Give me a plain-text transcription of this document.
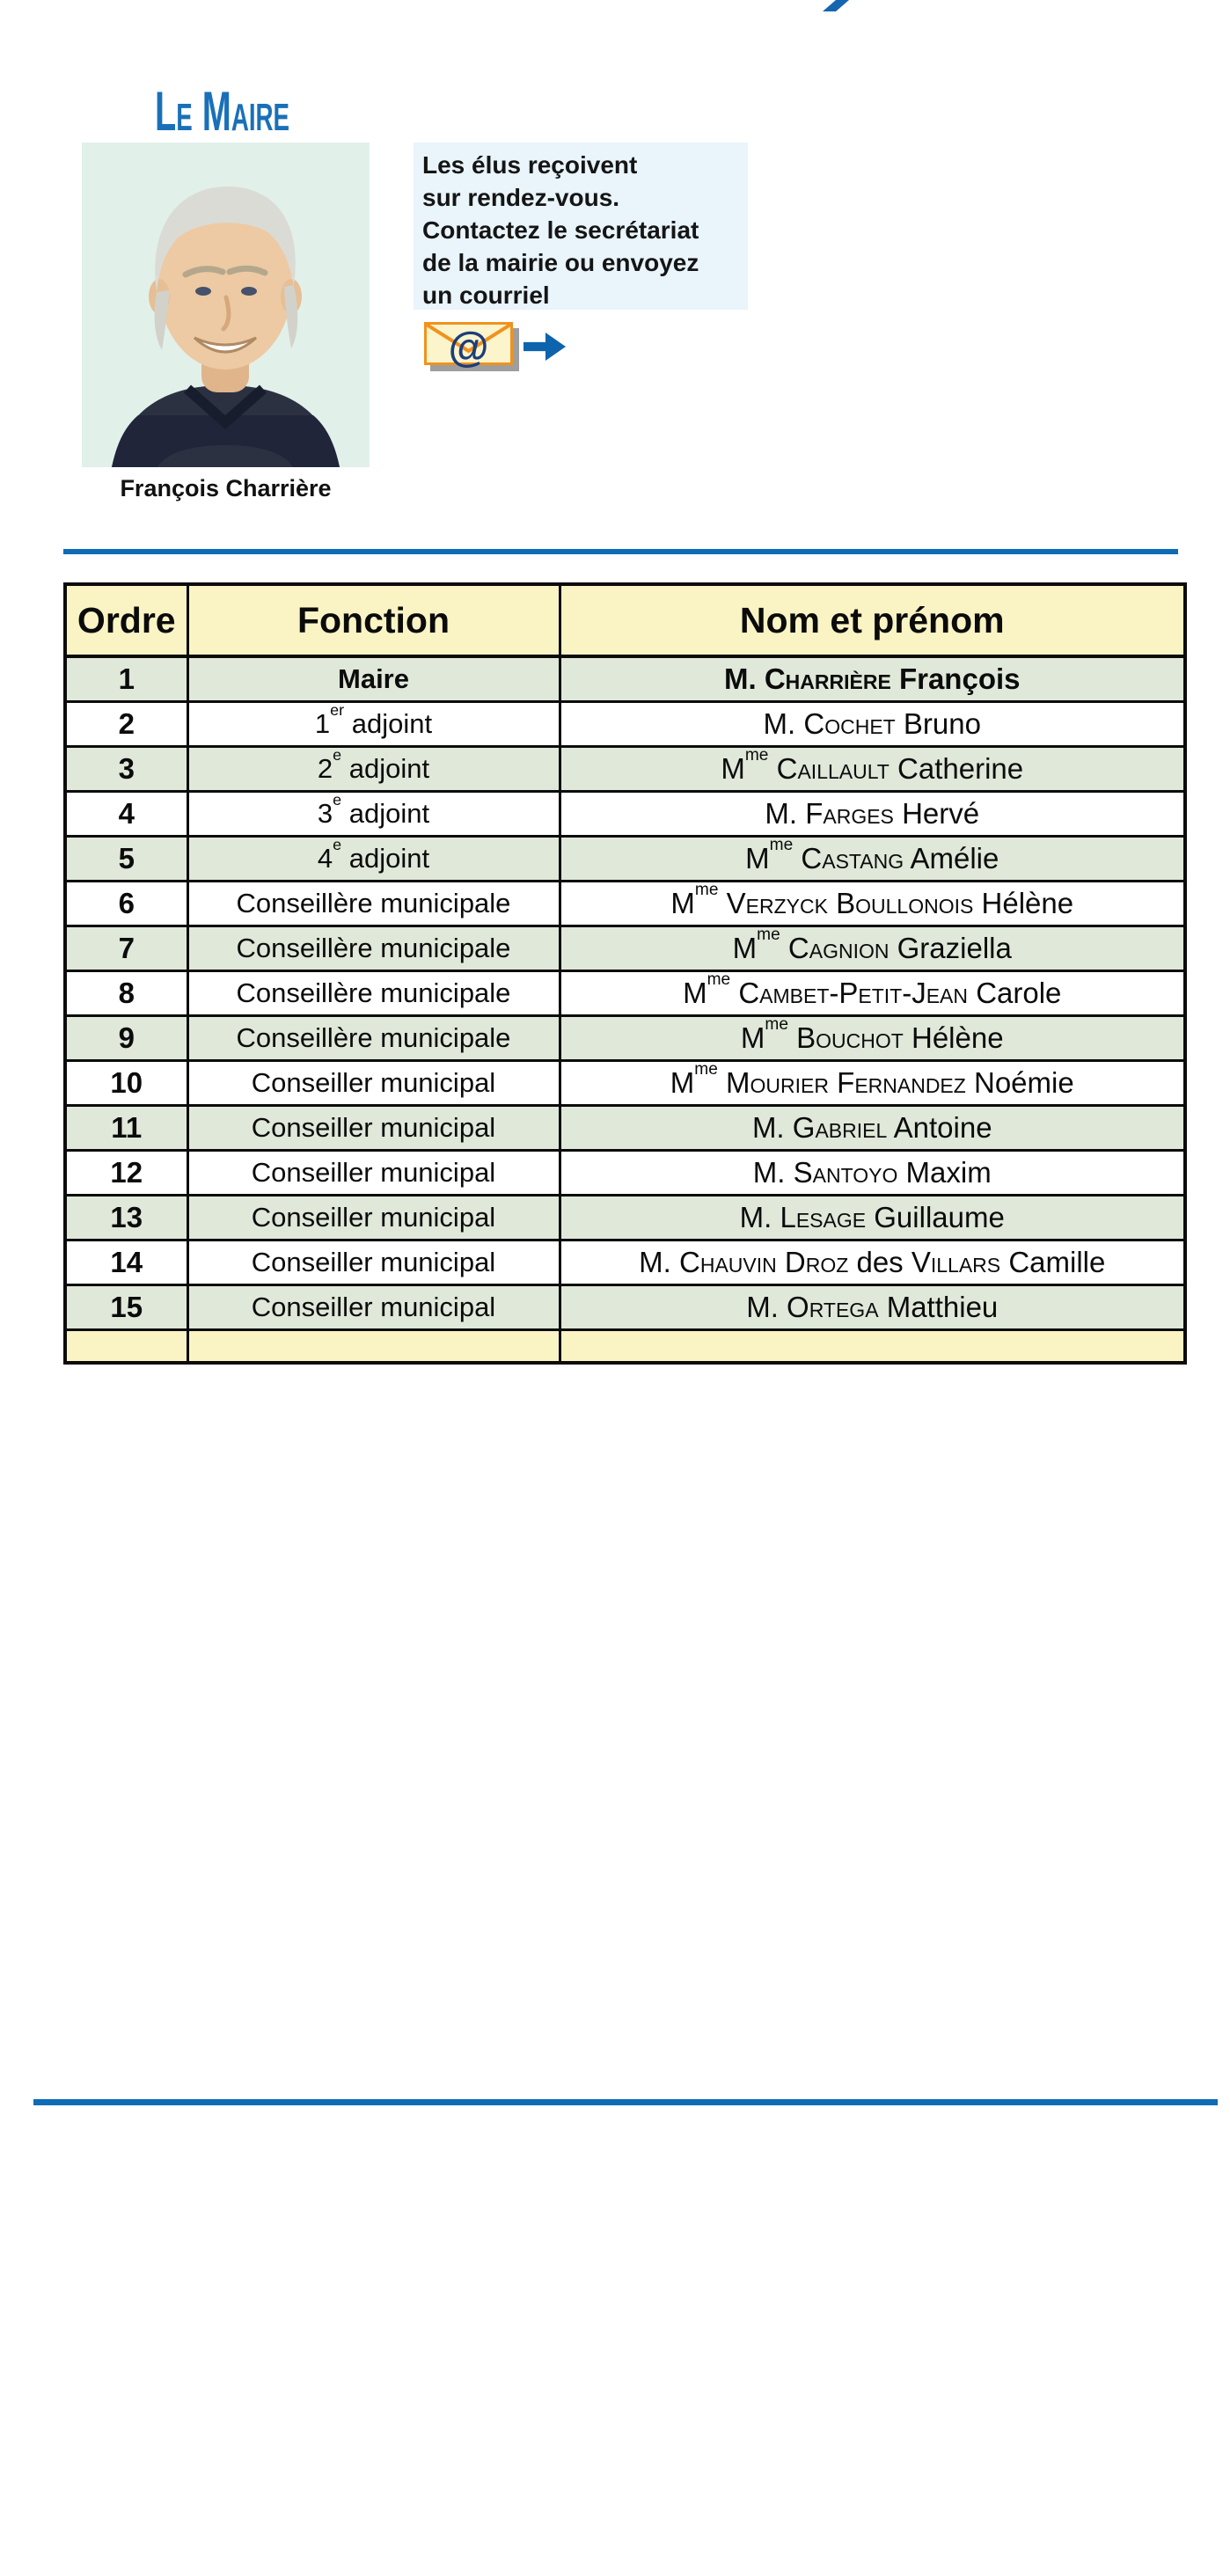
Le Maire
François Charrière
Les élus reçoivent
sur rendez-vous.
Contactez le secrétariat
de la mairie ou envoyez
un courriel
@
Ordre	Fonction	Nom et prénom
1	Maire	M. Charrière François
2	1er adjoint	M. Cochet Bruno
3	2e adjoint	$M^{me}$ Caillault Catherine
4	3e adjoint	M. Farges Hervé
5	4e adjoint	$M^{me}$ Castang Amélie
6	Conseillère municipale	$M^{me}$ Verzyck Boullonois Hélène
7	Conseillère municipale	$M^{me}$ Cagnion Graziella
8	Conseillère municipale	$M^{me}$ Cambet-Petit-Jean Carole
9	Conseillère municipale	$M^{me}$ Bouchot Hélène
10	Conseiller municipal	$M^{me}$ Mourier Fernandez Noémie
11	Conseiller municipal	M. Gabriel Antoine
12	Conseiller municipal	M. Santoyo Maxim
13	Conseiller municipal	M. Lesage Guillaume
14	Conseiller municipal	M. Chauvin Droz des Villars Camille
15	Conseiller municipal	M. Ortega Matthieu
